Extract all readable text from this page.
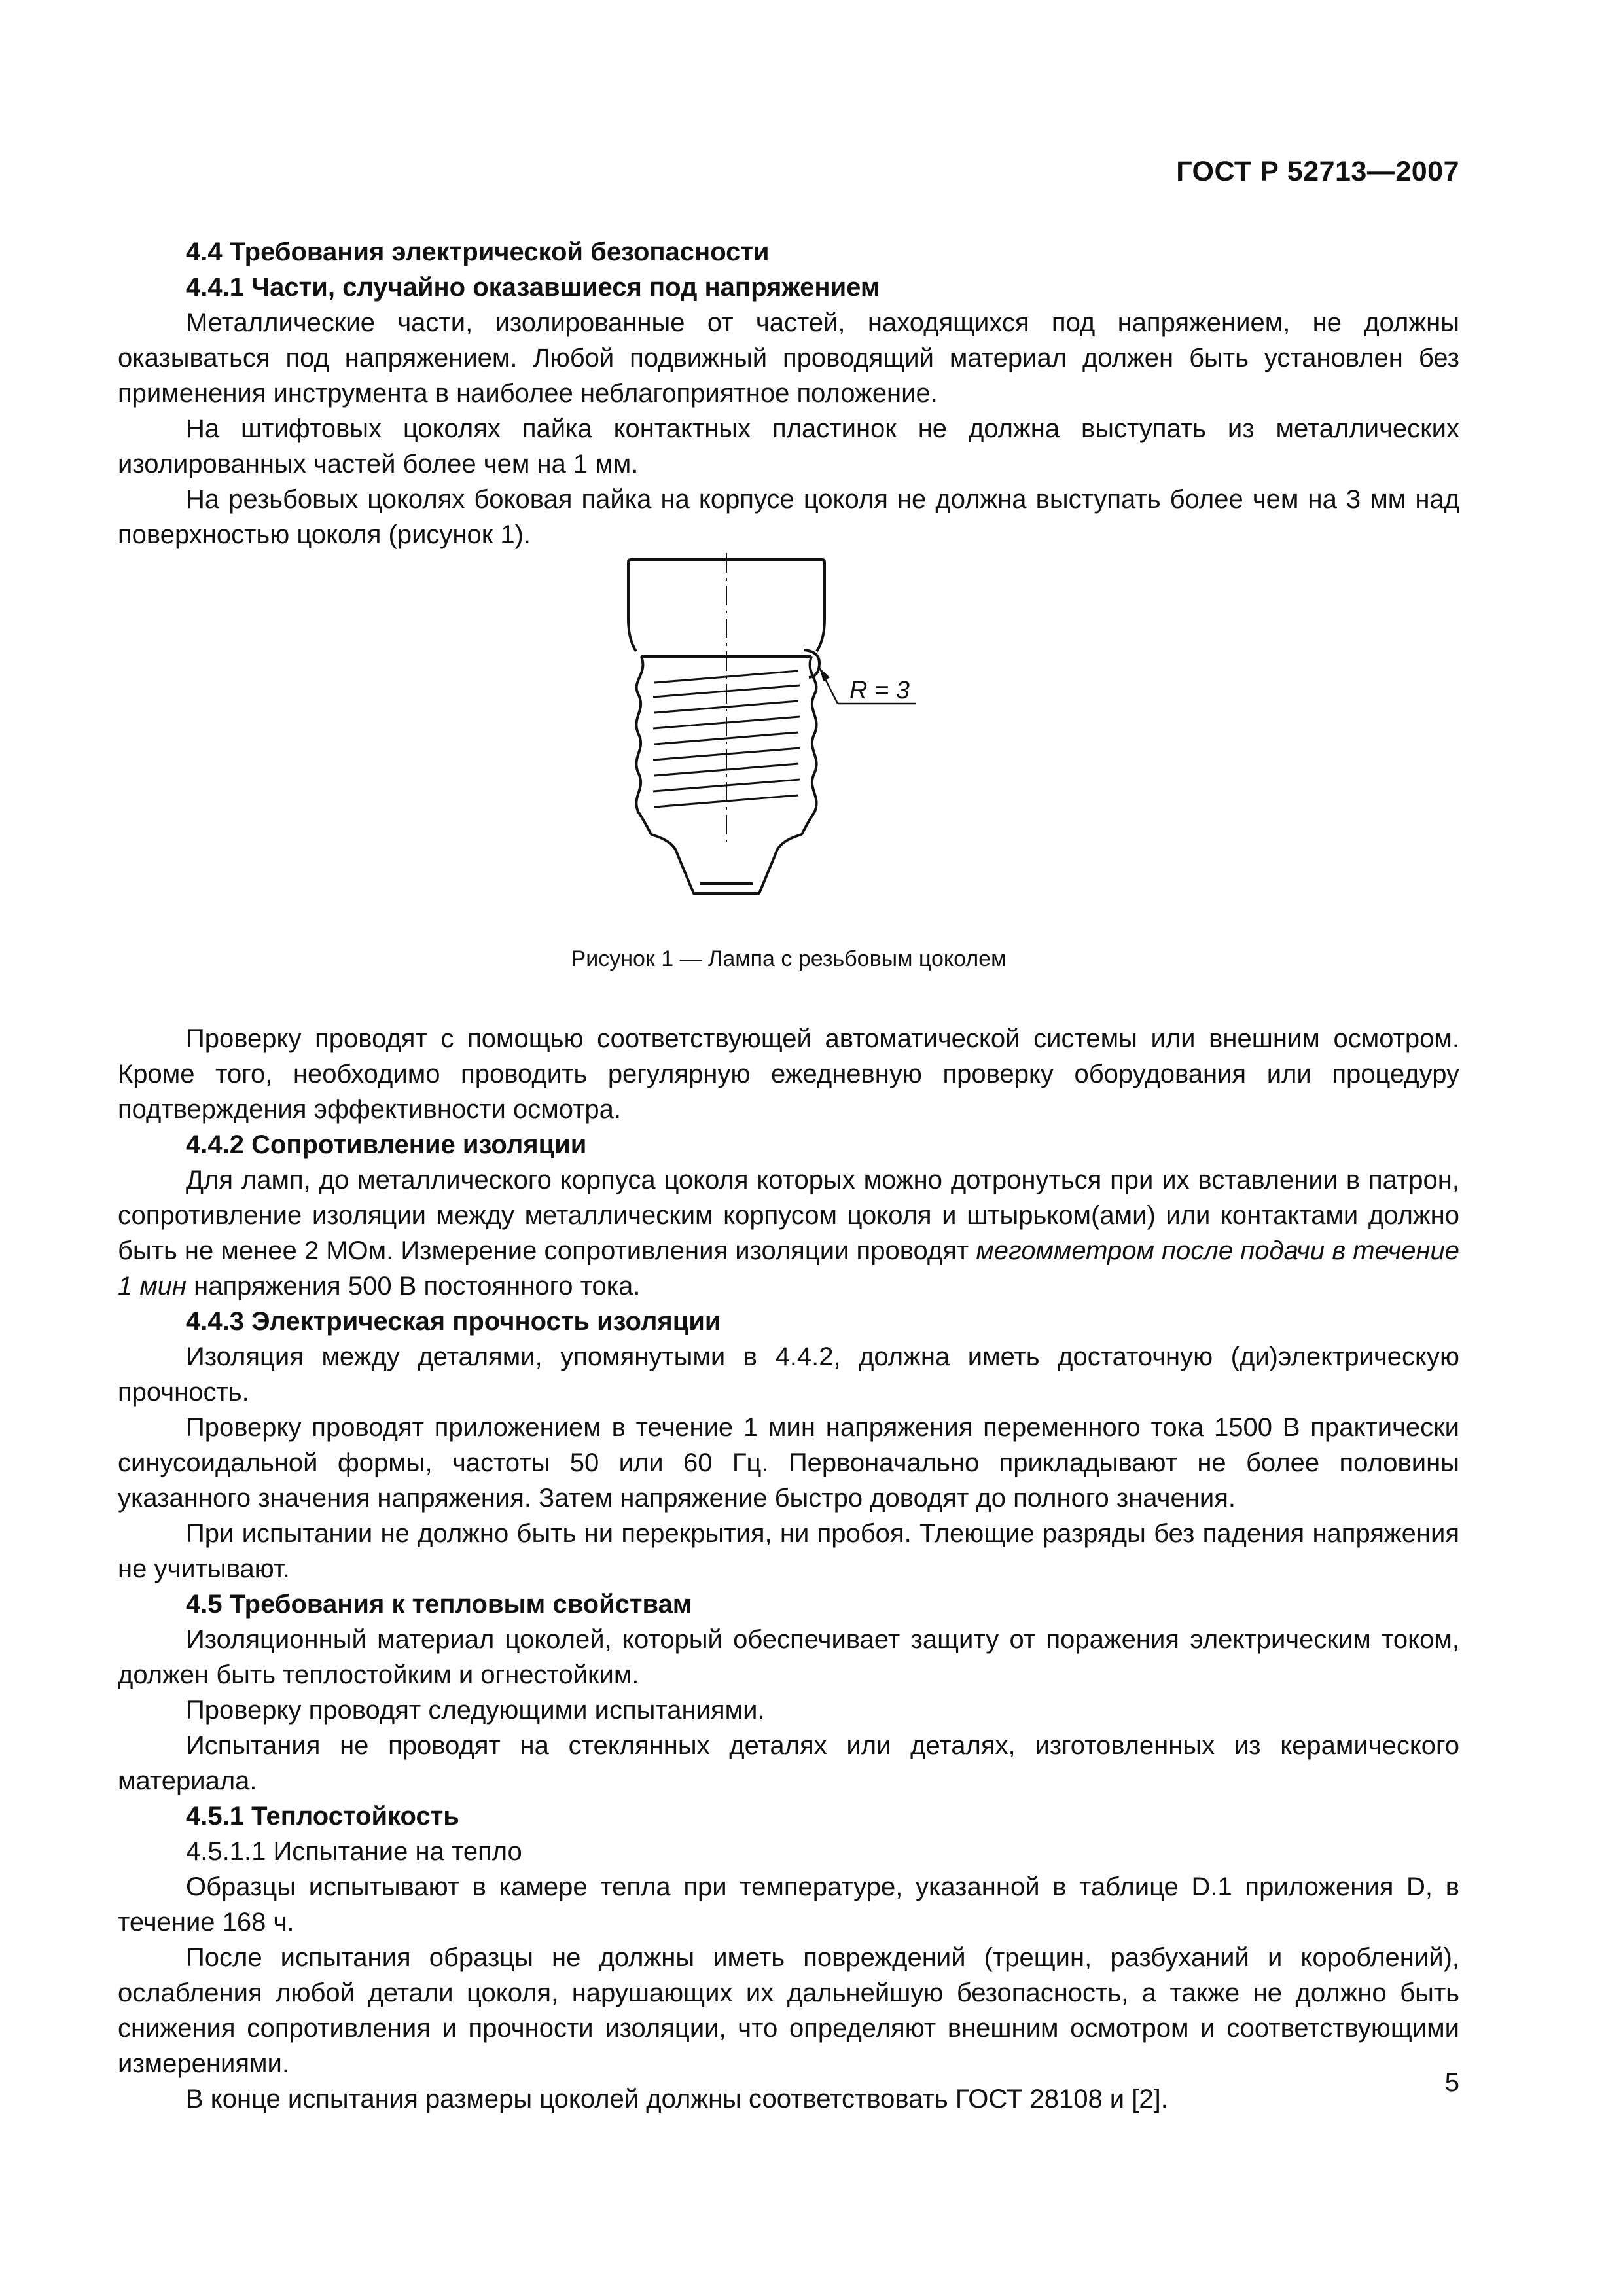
ГОСТ Р 52713—2007

4.4 Требования электрической безопасности

4.4.1 Части, случайно оказавшиеся под напряжением

Металлические части, изолированные от частей, находящихся под напряжением, не должны оказываться под напряжением. Любой подвижный проводящий материал должен быть установлен без применения инструмента в наиболее неблагоприятное положение.

На штифтовых цоколях пайка контактных пластинок не должна выступать из металлических изолированных частей более чем на 1 мм.

На резьбовых цоколях боковая пайка на корпусе цоколя не должна выступать более чем на 3 мм над поверхностью цоколя (рисунок 1).

R = 3
Рисунок 1 — Лампа с резьбовым цоколем

Проверку проводят с помощью соответствующей автоматической системы или внешним осмотром. Кроме того, необходимо проводить регулярную ежедневную проверку оборудования или процедуру подтверждения эффективности осмотра.

4.4.2 Сопротивление изоляции

Для ламп, до металлического корпуса цоколя которых можно дотронуться при их вставлении в патрон, сопротивление изоляции между металлическим корпусом цоколя и штырьком(ами) или контактами должно быть не менее 2 МОм. Измерение сопротивления изоляции проводят мегомметром после подачи в течение 1 мин напряжения 500 В постоянного тока.

4.4.3 Электрическая прочность изоляции

Изоляция между деталями, упомянутыми в 4.4.2, должна иметь достаточную (ди)электрическую прочность.

Проверку проводят приложением в течение 1 мин напряжения переменного тока 1500 В практически синусоидальной формы, частоты 50 или 60 Гц. Первоначально прикладывают не более половины указанного значения напряжения. Затем напряжение быстро доводят до полного значения.

При испытании не должно быть ни перекрытия, ни пробоя. Тлеющие разряды без падения напряжения не учитывают.

4.5 Требования к тепловым свойствам

Изоляционный материал цоколей, который обеспечивает защиту от поражения электрическим током, должен быть теплостойким и огнестойким.

Проверку проводят следующими испытаниями.

Испытания не проводят на стеклянных деталях или деталях, изготовленных из керамического материала.

4.5.1 Теплостойкость

4.5.1.1 Испытание на тепло

Образцы испытывают в камере тепла при температуре, указанной в таблице D.1 приложения D, в течение 168 ч.

После испытания образцы не должны иметь повреждений (трещин, разбуханий и короблений), ослабления любой детали цоколя, нарушающих их дальнейшую безопасность, а также не должно быть снижения сопротивления и прочности изоляции, что определяют внешним осмотром и соответствующими измерениями.

В конце испытания размеры цоколей должны соответствовать ГОСТ 28108 и [2].

5
